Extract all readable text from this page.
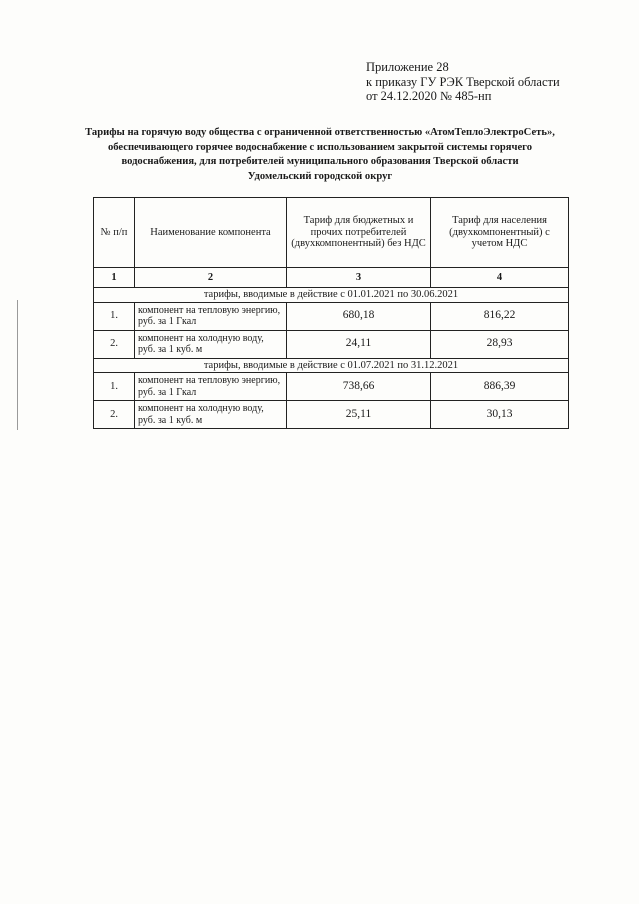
Приложение 28
к приказу ГУ РЭК Тверской области
от 24.12.2020 № 485-нп
Тарифы на горячую воду общества с ограниченной ответственностью «АтомТеплоЭлектроСеть»,
обеспечивающего горячее водоснабжение с использованием закрытой системы горячего
водоснабжения, для потребителей муниципального образования Тверской области
Удомельский городской округ
№ п/п	Наименование компонента	Тариф для бюджетных и прочих потребителей (двухкомпонентный) без НДС	Тариф для населения (двухкомпонентный) с учетом НДС
1	2	3	4
тарифы, вводимые в действие с 01.01.2021 по 30.06.2021			
1.	компонент на тепловую энергию, руб. за 1 Гкал	680,18	816,22
2.	компонент на холодную воду, руб. за 1 куб. м	24,11	28,93
тарифы, вводимые в действие с 01.07.2021 по 31.12.2021			
1.	компонент на тепловую энергию, руб. за 1 Гкал	738,66	886,39
2.	компонент на холодную воду, руб. за 1 куб. м	25,11	30,13
